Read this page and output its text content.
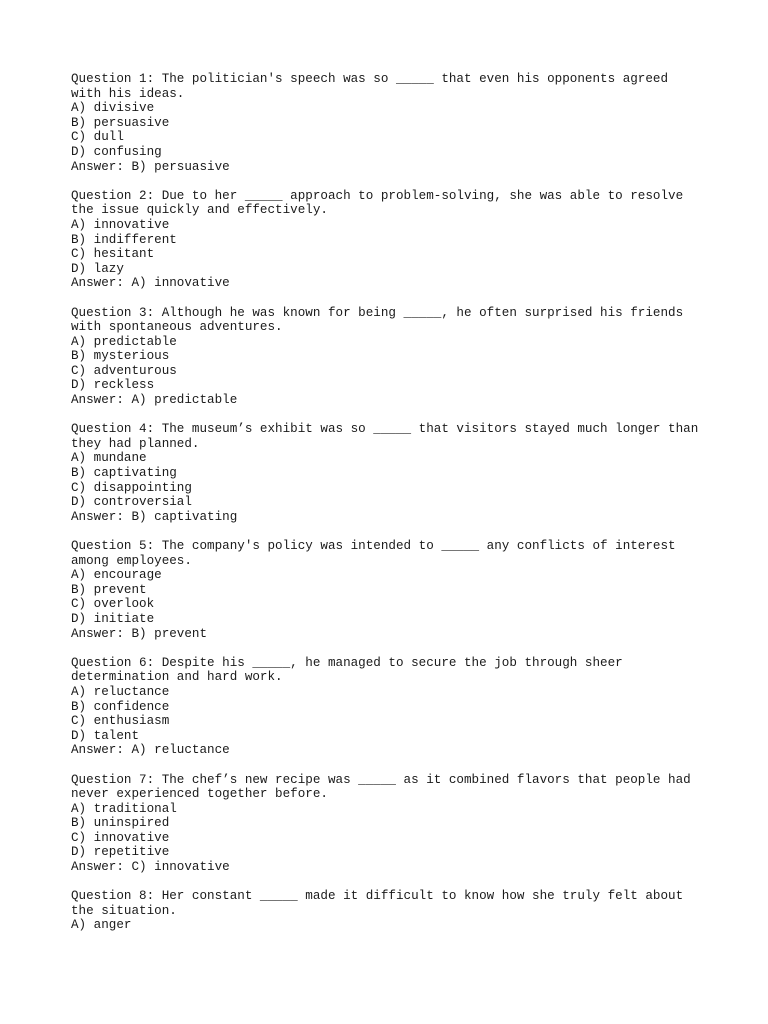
Question 1: The politician's speech was so _____ that even his opponents agreed
with his ideas.
A) divisive
B) persuasive
C) dull
D) confusing
Answer: B) persuasive
Question 2: Due to her _____ approach to problem-solving, she was able to resolve
the issue quickly and effectively.
A) innovative
B) indifferent
C) hesitant
D) lazy
Answer: A) innovative
Question 3: Although he was known for being _____, he often surprised his friends
with spontaneous adventures.
A) predictable
B) mysterious
C) adventurous
D) reckless
Answer: A) predictable
Question 4: The museum’s exhibit was so _____ that visitors stayed much longer than
they had planned.
A) mundane
B) captivating
C) disappointing
D) controversial
Answer: B) captivating
Question 5: The company's policy was intended to _____ any conflicts of interest
among employees.
A) encourage
B) prevent
C) overlook
D) initiate
Answer: B) prevent
Question 6: Despite his _____, he managed to secure the job through sheer
determination and hard work.
A) reluctance
B) confidence
C) enthusiasm
D) talent
Answer: A) reluctance
Question 7: The chef’s new recipe was _____ as it combined flavors that people had
never experienced together before.
A) traditional
B) uninspired
C) innovative
D) repetitive
Answer: C) innovative
Question 8: Her constant _____ made it difficult to know how she truly felt about
the situation.
A) anger
